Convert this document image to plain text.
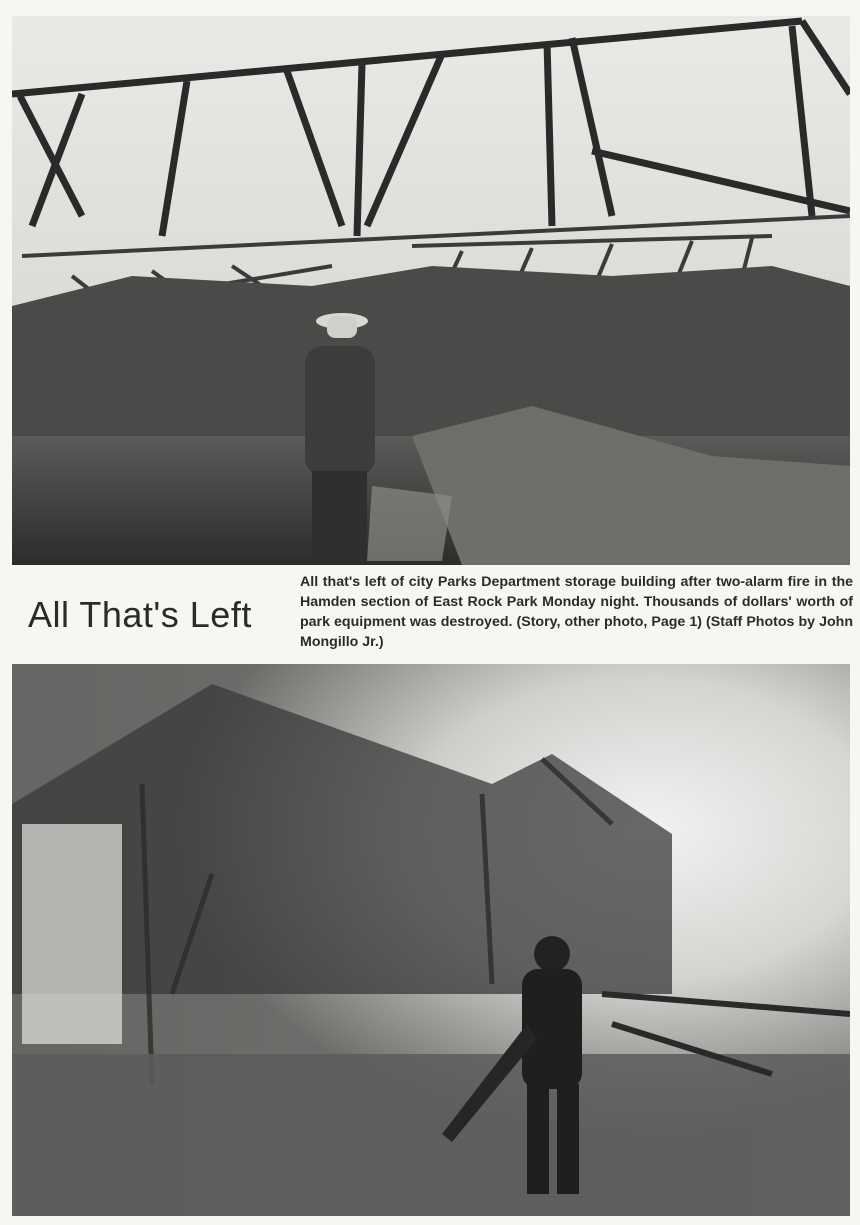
All That's Left
All that's left of city Parks Department storage building after two-alarm fire in the Hamden section of East Rock Park Monday night. Thousands of dollars' worth of park equipment was destroyed. (Story, other photo, Page 1) (Staff Photos by John Mongillo Jr.)
